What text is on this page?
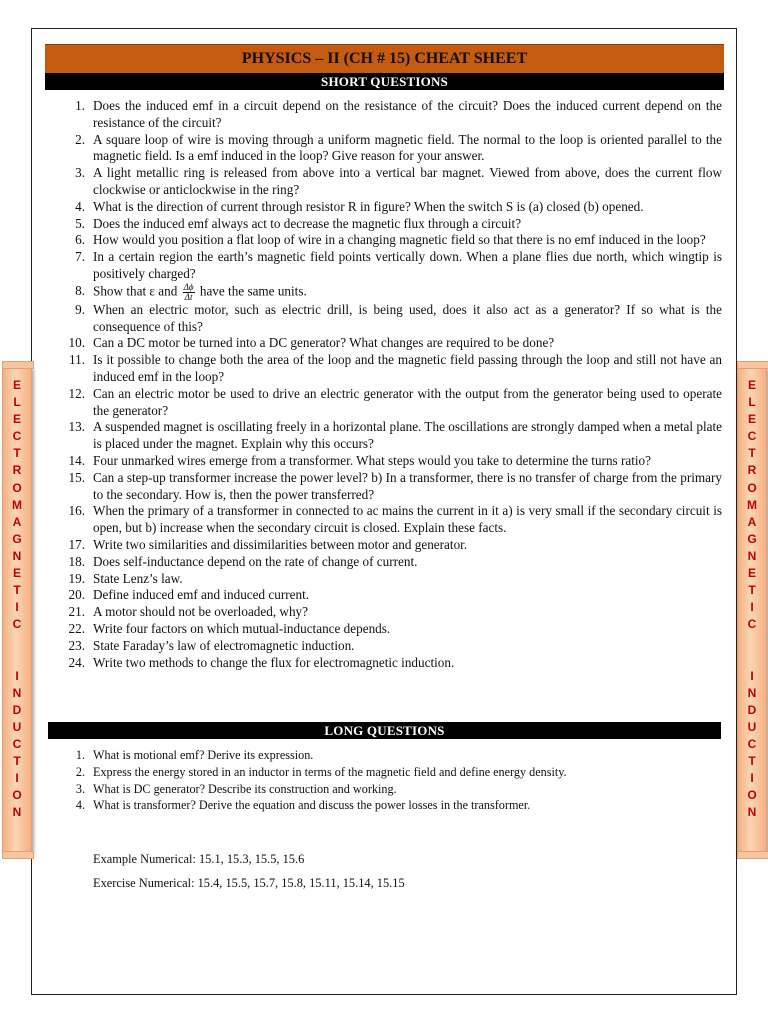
E
L
E
C
T
R
O
M
A
G
N
E
T
I
C

I
N
D
U
C
T
I
O
N
E
L
E
C
T
R
O
M
A
G
N
E
T
I
C

I
N
D
U
C
T
I
O
N
PHYSICS – II (CH # 15) CHEAT SHEET
SHORT QUESTIONS
1. Does the induced emf in a circuit depend on the resistance of the circuit? Does the induced current depend on the resistance of the circuit?
2. A square loop of wire is moving through a uniform magnetic field. The normal to the loop is oriented parallel to the magnetic field. Is a emf induced in the loop? Give reason for your answer.
3. A light metallic ring is released from above into a vertical bar magnet. Viewed from above, does the current flow clockwise or anticlockwise in the ring?
4. What is the direction of current through resistor R in figure? When the switch S is (a) closed (b) opened.
5. Does the induced emf always act to decrease the magnetic flux through a circuit?
6. How would you position a flat loop of wire in a changing magnetic field so that there is no emf induced in the loop?
7. In a certain region the earth’s magnetic field points vertically down. When a plane flies due north, which wingtip is positively charged?
8. Show that ε and $\frac{\Delta\phi}{\Delta t}$ have the same units.
9. When an electric motor, such as electric drill, is being used, does it also act as a generator? If so what is the consequence of this?
10. Can a DC motor be turned into a DC generator? What changes are required to be done?
11. Is it possible to change both the area of the loop and the magnetic field passing through the loop and still not have an induced emf in the loop?
12. Can an electric motor be used to drive an electric generator with the output from the generator being used to operate the generator?
13. A suspended magnet is oscillating freely in a horizontal plane. The oscillations are strongly damped when a metal plate is placed under the magnet. Explain why this occurs?
14. Four unmarked wires emerge from a transformer. What steps would you take to determine the turns ratio?
15. Can a step-up transformer increase the power level? b) In a transformer, there is no transfer of charge from the primary to the secondary. How is, then the power transferred?
16. When the primary of a transformer in connected to ac mains the current in it a) is very small if the secondary circuit is open, but b) increase when the secondary circuit is closed. Explain these facts.
17. Write two similarities and dissimilarities between motor and generator.
18. Does self-inductance depend on the rate of change of current.
19. State Lenz’s law.
20. Define induced emf and induced current.
21. A motor should not be overloaded, why?
22. Write four factors on which mutual-inductance depends.
23. State Faraday’s law of electromagnetic induction.
24. Write two methods to change the flux for electromagnetic induction.
LONG QUESTIONS
1. What is motional emf? Derive its expression.
2. Express the energy stored in an inductor in terms of the magnetic field and define energy density.
3. What is DC generator? Describe its construction and working.
4. What is transformer? Derive the equation and discuss the power losses in the transformer.
Example Numerical: 15.1, 15.3, 15.5, 15.6
Exercise Numerical: 15.4, 15.5, 15.7, 15.8, 15.11, 15.14, 15.15
